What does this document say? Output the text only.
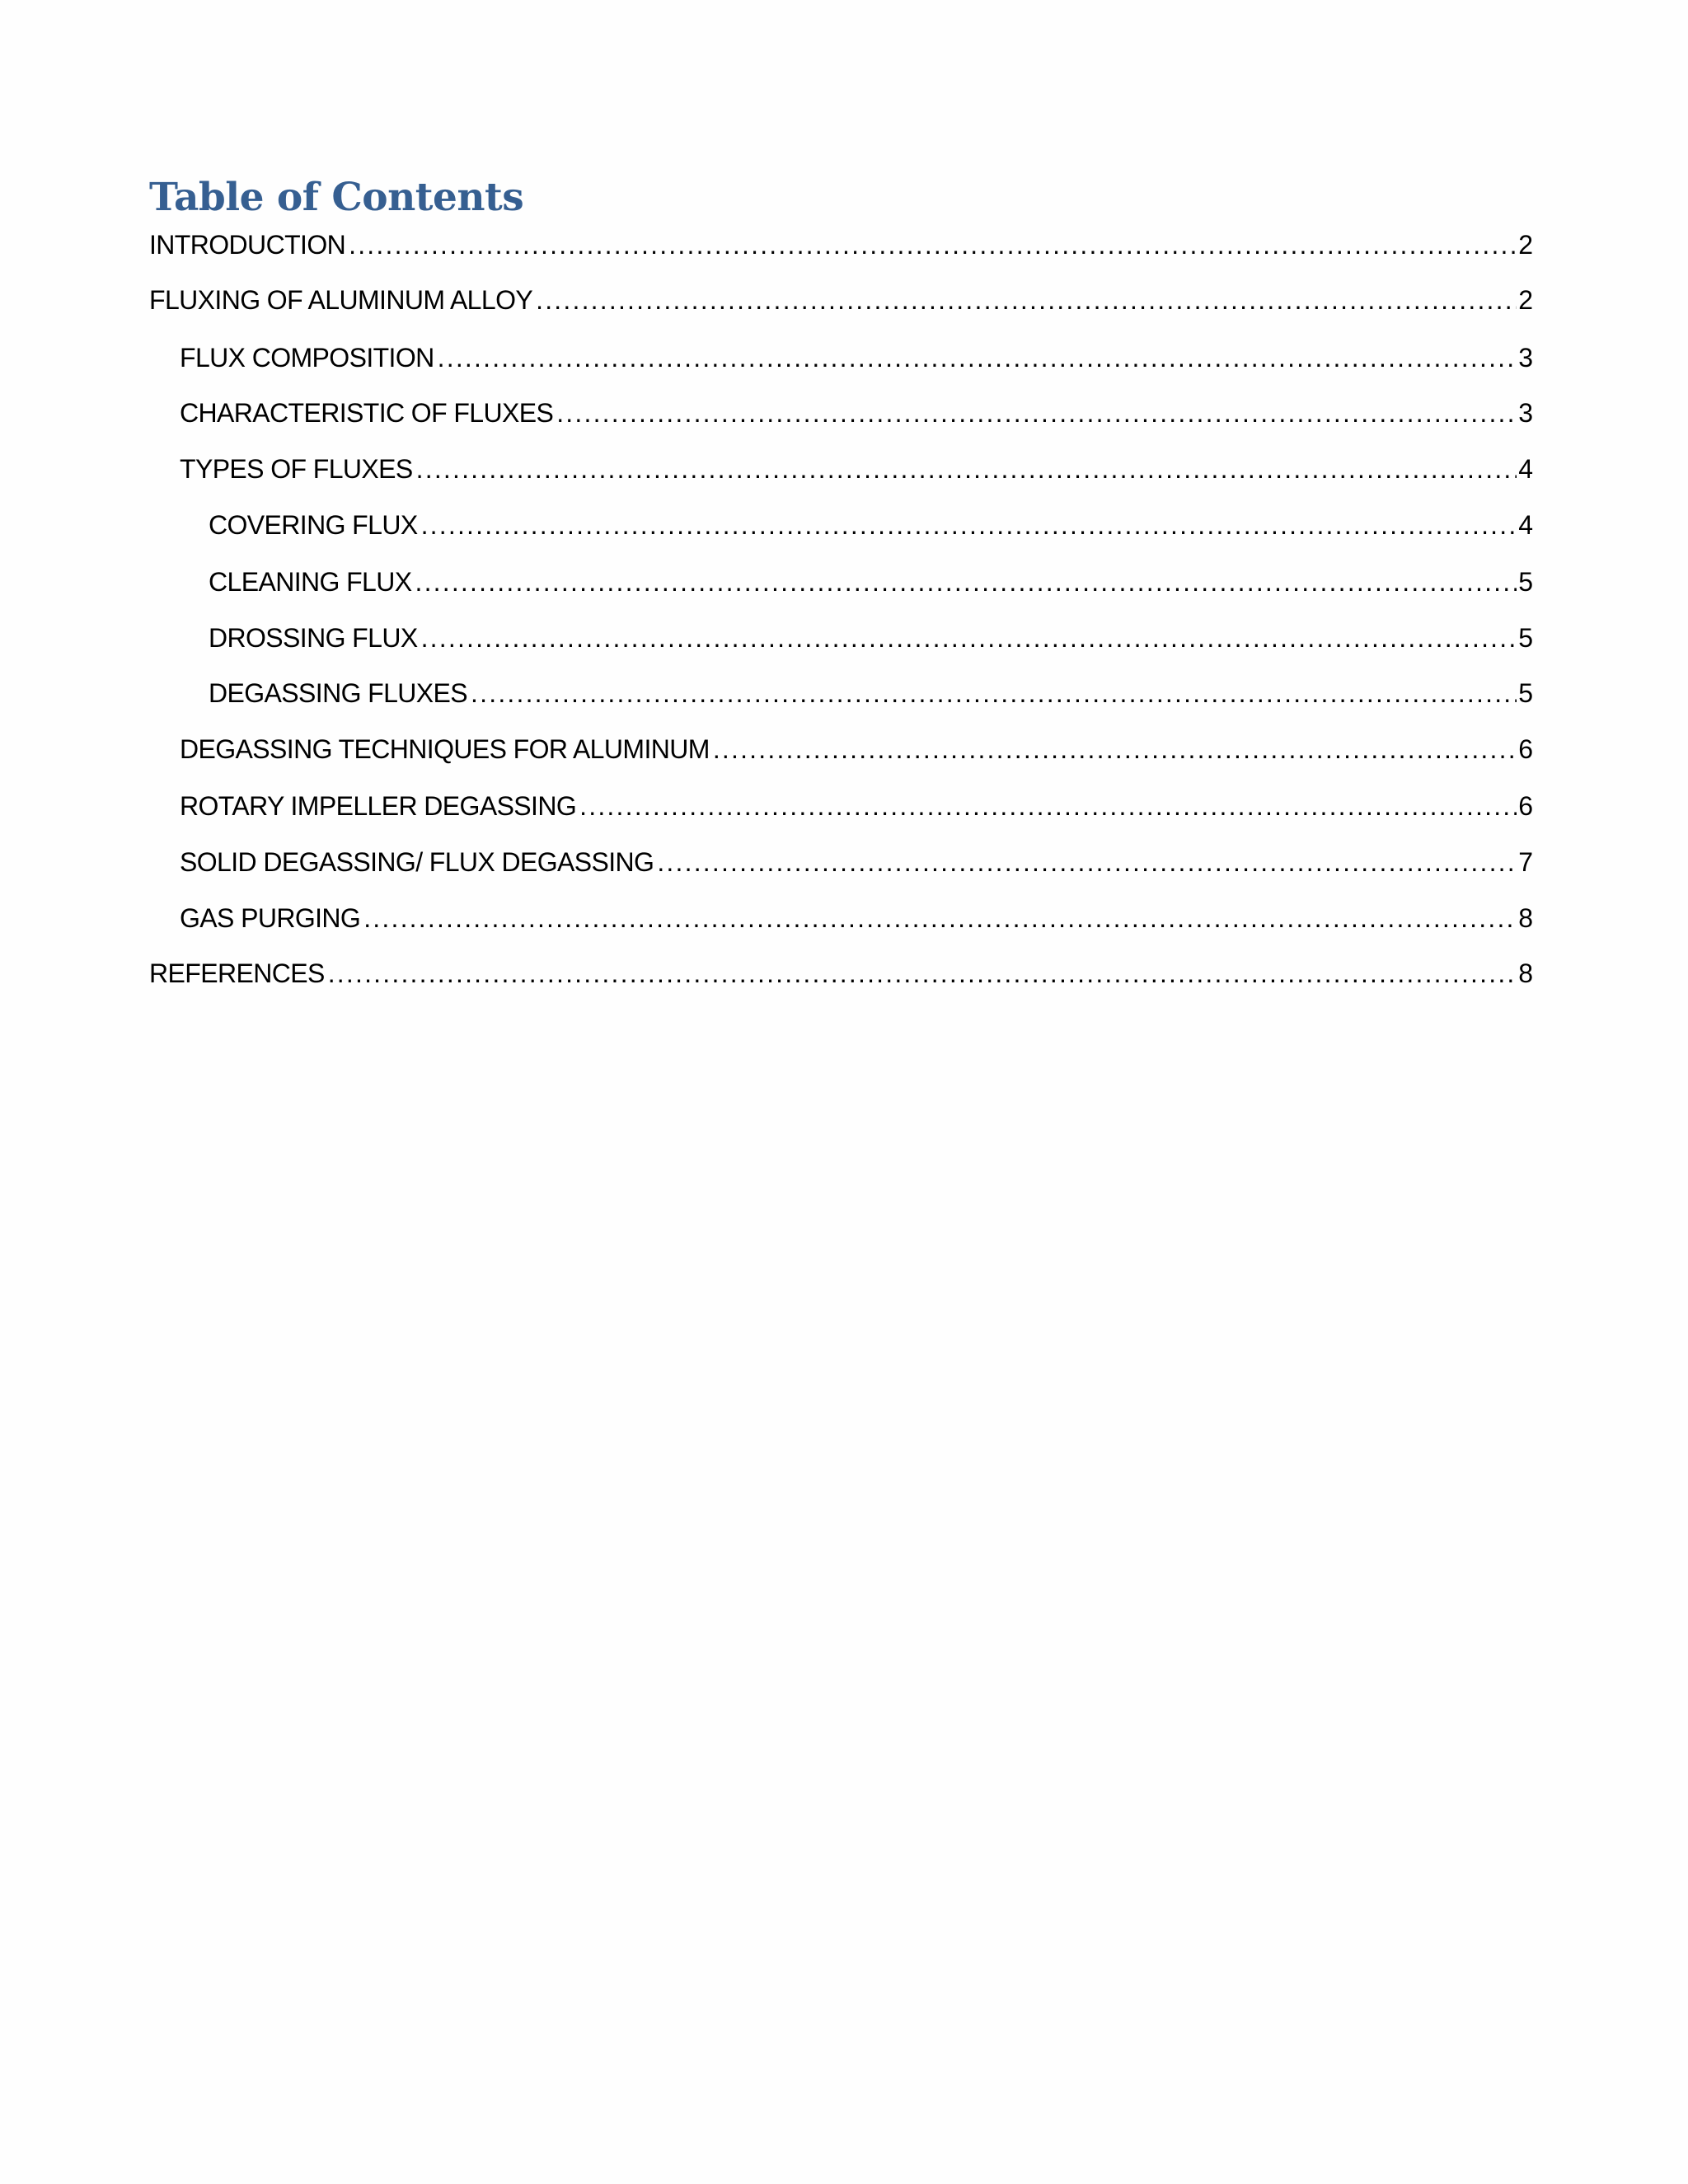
Table of Contents
INTRODUCTION .....	2
FLUXING OF ALUMINUM ALLOY .....	2
FLUX COMPOSITION .....	3
CHARACTERISTIC OF FLUXES .....	3
TYPES OF FLUXES .....	4
COVERING FLUX .....	4
CLEANING FLUX .....	5
DROSSING FLUX .....	5
DEGASSING FLUXES .....	5
DEGASSING TECHNIQUES FOR ALUMINUM .....	6
ROTARY IMPELLER DEGASSING .....	6
SOLID DEGASSING/ FLUX DEGASSING .....	7
GAS PURGING .....	8
REFERENCES .....	8
